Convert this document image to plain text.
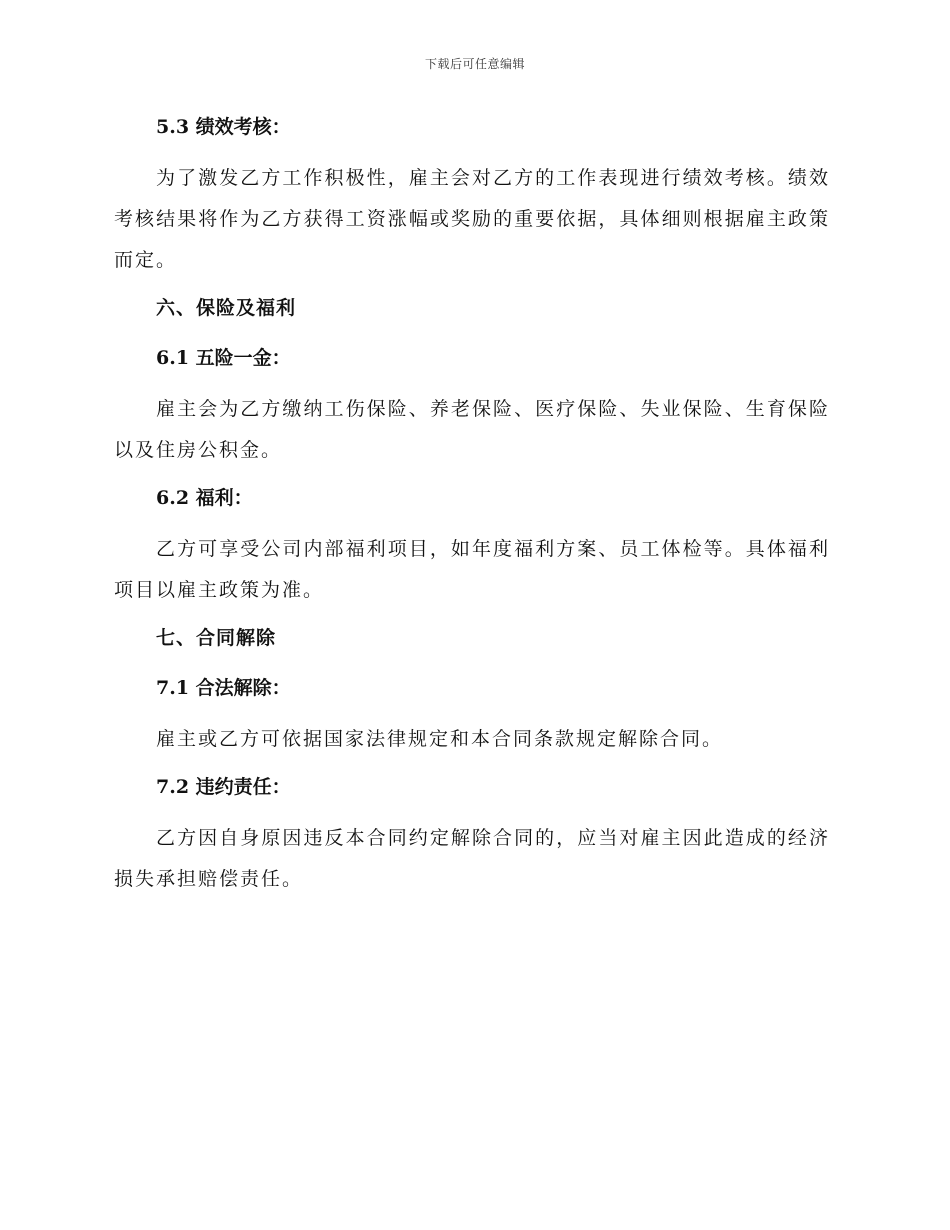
下载后可任意编辑
5.3 绩效考核：
为了激发乙方工作积极性，雇主会对乙方的工作表现进行绩效考核。绩效考核结果将作为乙方获得工资涨幅或奖励的重要依据，具体细则根据雇主政策而定。
六、保险及福利
6.1 五险一金：
雇主会为乙方缴纳工伤保险、养老保险、医疗保险、失业保险、生育保险以及住房公积金。
6.2 福利：
乙方可享受公司内部福利项目，如年度福利方案、员工体检等。具体福利项目以雇主政策为准。
七、合同解除
7.1 合法解除：
雇主或乙方可依据国家法律规定和本合同条款规定解除合同。
7.2 违约责任：
乙方因自身原因违反本合同约定解除合同的，应当对雇主因此造成的经济损失承担赔偿责任。
